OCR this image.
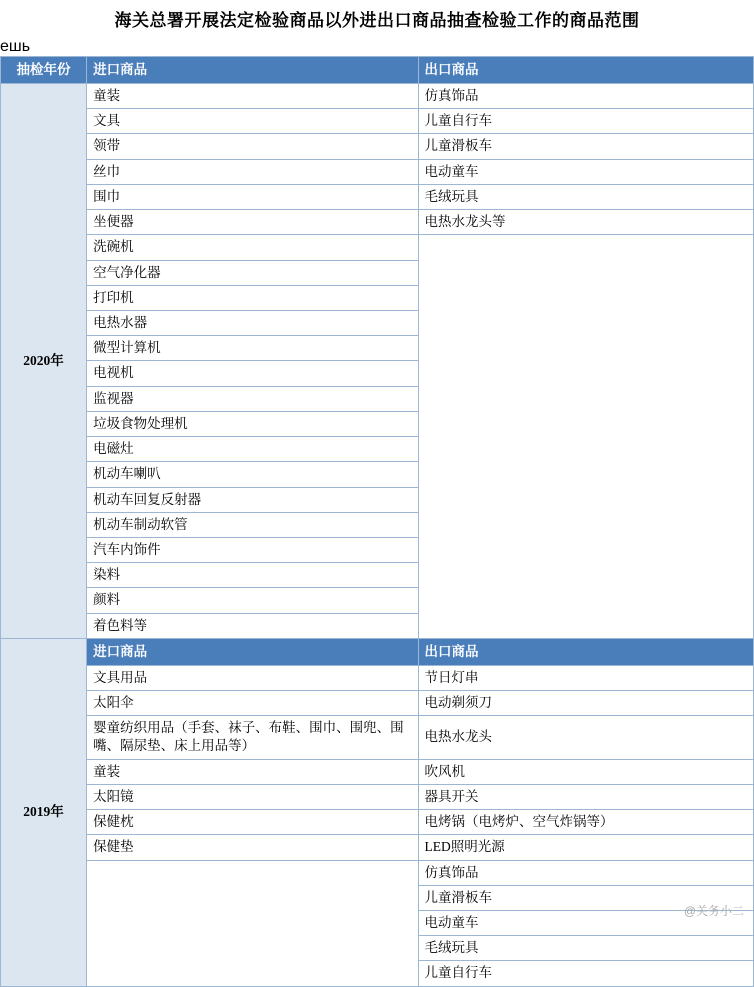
海关总署开展法定检验商品以外进出口商品抽查检验工作的商品范围
ешь
抽检年份	进口商品	出口商品
2020年	童装	仿真饰品
	文具	儿童自行车
	领带	儿童滑板车
	丝巾	电动童车
	围巾	毛绒玩具
	坐便器	电热水龙头等
	洗碗机	
	空气净化器	
	打印机	
	电热水器	
	微型计算机	
	电视机	
	监视器	
	垃圾食物处理机	
	电磁灶	
	机动车喇叭	
	机动车回复反射器	
	机动车制动软管	
	汽车内饰件	
	染料	
	颜料	
	着色料等	
2019年	进口商品	出口商品
	文具用品	节日灯串
	太阳伞	电动剃须刀
	婴童纺织用品（手套、袜子、布鞋、围巾、围兜、围嘴、隔尿垫、床上用品等）	电热水龙头
	童装	吹风机
	太阳镜	器具开关
	保健枕	电烤锅（电烤炉、空气炸锅等）
	保健垫	LED照明光源
		仿真饰品
		儿童滑板车
		电动童车
		毛绒玩具
		儿童自行车
@关务小二
